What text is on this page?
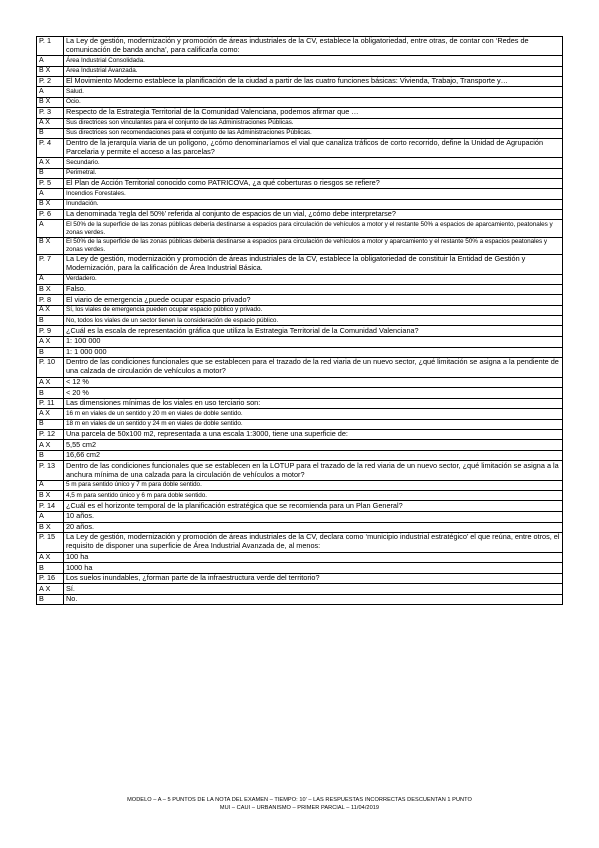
P. 1	La Ley de gestión, modernización y promoción de áreas industriales de la CV, establece la obligatoriedad, entre otras, de contar con ‘Redes de comunicación de banda ancha’, para calificarla como:
A	Área Industrial Consolidada.
B X	Área Industrial Avanzada.
P. 2	El Movimiento Moderno establece la planificación de la ciudad a partir de las cuatro funciones básicas: Vivienda, Trabajo, Transporte y…
A	Salud.
B X	Ocio.
P. 3	Respecto de la Estrategia Territorial de la Comunidad Valenciana, podemos afirmar que …
A X	Sus directrices son vinculantes para el conjunto de las Administraciones Públicas.
B	Sus directrices son recomendaciones para el conjunto de las Administraciones Públicas.
P. 4	Dentro de la jerarquía viaria de un polígono, ¿cómo denominaríamos el vial que canaliza tráficos de corto recorrido, define la Unidad de Agrupación Parcelaria y permite el acceso a las parcelas?
A X	Secundario.
B	Perimetral.
P. 5	El Plan de Acción Territorial conocido como PATRICOVA, ¿a qué coberturas o riesgos se refiere?
A	Incendios Forestales.
B X	Inundación.
P. 6	La denominada ‘regla del 50%’ referida al conjunto de espacios de un vial, ¿cómo debe interpretarse?
A	El 50% de la superficie de las zonas públicas debería destinarse a espacios para circulación de vehículos a motor y el restante 50% a espacios de aparcamiento, peatonales y zonas verdes.
B X	El 50% de la superficie de las zonas públicas debería destinarse a espacios para circulación de vehículos a motor y aparcamiento y el restante 50% a espacios peatonales y zonas verdes.
P. 7	La Ley de gestión, modernización y promoción de áreas industriales de la CV, establece la obligatoriedad de constituir la Entidad de Gestión y Modernización, para la calificación de Área Industrial Básica.
A	Verdadero.
B X	Falso.
P. 8	El viario de emergencia ¿puede ocupar espacio privado?
A X	Sí, los viales de emergencia pueden ocupar espacio público y privado.
B	No, todos los viales de un sector tienen la consideración de espacio público.
P. 9	¿Cuál es la escala de representación gráfica que utiliza la Estrategia Territorial de la Comunidad Valenciana?
A X	1: 100 000
B	1: 1 000 000
P. 10	Dentro de las condiciones funcionales que se establecen para el trazado de la red viaria de un nuevo sector, ¿qué limitación se asigna a la pendiente de una calzada de circulación de vehículos a motor?
A X	< 12 %
B	< 20 %
P. 11	Las dimensiones mínimas de los viales en uso terciario son:
A X	16 m en viales de un sentido y 20 m en viales de doble sentido.
B	18 m en viales de un sentido y 24 m en viales de doble sentido.
P. 12	Una parcela de 50x100 m2, representada a una escala 1:3000, tiene una superficie de:
A X	5,55 cm2
B	16,66 cm2
P. 13	Dentro de las condiciones funcionales que se establecen en la LOTUP para el trazado de la red viaria de un nuevo sector, ¿qué limitación se asigna a la anchura mínima de una calzada para la circulación de vehículos a motor?
A	5 m para sentido único y 7 m para doble sentido.
B X	4,5 m para sentido único y 6 m para doble sentido.
P. 14	¿Cuál es el horizonte temporal de la planificación estratégica que se recomienda para un Plan General?
A	10 años.
B X	20 años.
P. 15	La Ley de gestión, modernización y promoción de áreas industriales de la CV, declara como ‘municipio industrial estratégico’ el que reúna, entre otros, el requisito de disponer una superficie de Área Industrial Avanzada de, al menos:
A X	100 ha
B	1000 ha
P. 16	Los suelos inundables, ¿forman parte de la infraestructura verde del territorio?
A X	Sí.
B	No.
MODELO – A – 5 PUNTOS DE LA NOTA DEL EXAMEN – TIEMPO: 10’ – LAS RESPUESTAS INCORRECTAS DESCUENTAN 1 PUNTO
MUI – CAUI – URBANISMO – PRIMER PARCIAL – 11/04/2019
